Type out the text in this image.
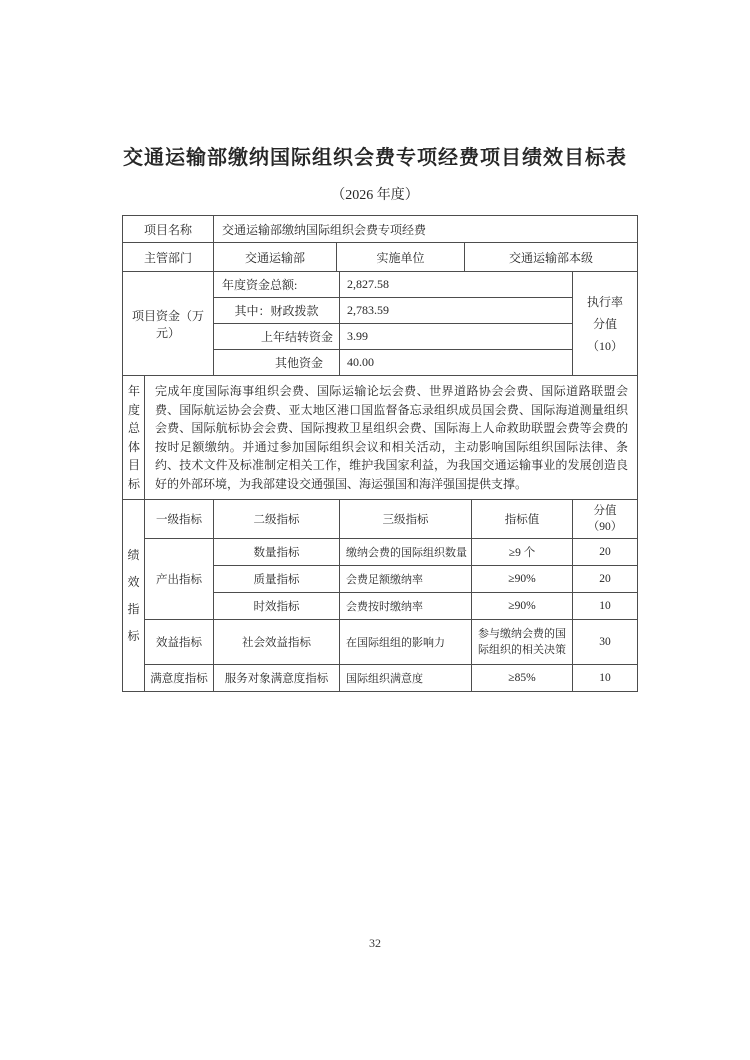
交通运输部缴纳国际组织会费专项经费项目绩效目标表
（2026 年度）
项目名称	交通运输部缴纳国际组织会费专项经费				
主管部门	交通运输部	实施单位		交通运输部本级	
项目资金（万元）	年度资金总额:		2,827.58		执行率
分值
（10）

	其中：财政拨款		2,783.59		
	上年结转资金		3.99		
	其他资金		40.00		
年度总体目标
	完成年度国际海事组织会费、国际运输论坛会费、世界道路协会会费、国际道路联盟会费、国际航运协会会费、亚太地区港口国监督备忘录组织成员国会费、国际海道测量组织会费、国际航标协会会费、国际搜救卫星组织会费、国际海上人命救助联盟会费等会费的按时足额缴纳。并通过参加国际组织会议和相关活动，主动影响国际组织国际法律、条约、技术文件及标准制定相关工作，维护我国家利益，为我国交通运输事业的发展创造良好的外部环境，为我部建设交通强国、海运强国和海洋强国提供支撑。
绩效指标	一级指标	二级指标	三级指标	指标值	分值
（90）

	产出指标	数量指标	缴纳会费的国际组织数量	≥9 个	20
		质量指标	会费足额缴纳率	≥90%	20
		时效指标	会费按时缴纳率	≥90%	10
	效益指标	社会效益指标	在国际组组的影响力	参与缴纳会费的国际组织的相关决策	30
	满意度指标	服务对象满意度指标	国际组织满意度	≥85%	10
32
